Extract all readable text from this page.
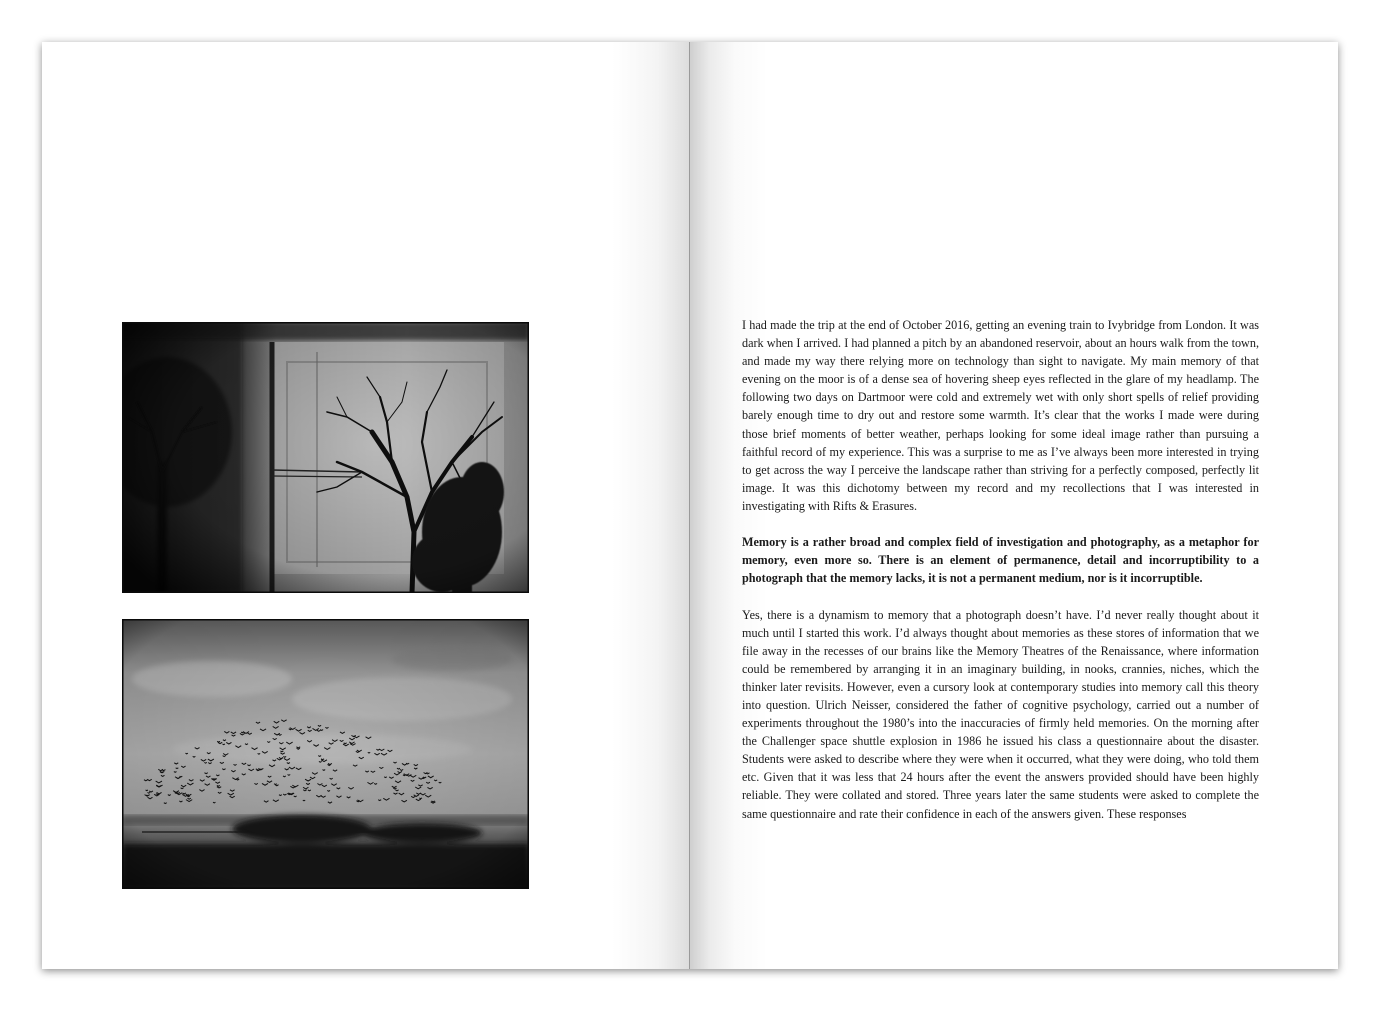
I had made the trip at the end of October 2016, getting an evening train to Ivybridge from London. It was dark when I arrived. I had planned a pitch by an abandoned reservoir, about an hours walk from the town, and made my way there relying more on technology than sight to navigate. My main memory of that evening on the moor is of a dense sea of hovering sheep eyes reflected in the glare of my headlamp. The following two days on Dartmoor were cold and extremely wet with only short spells of relief providing barely enough time to dry out and restore some warmth. It’s clear that the works I made were during those brief moments of better weather, perhaps looking for some ideal image rather than pursuing a faithful record of my experience. This was a surprise to me as I’ve always been more interested in trying to get across the way I perceive the landscape rather than striving for a perfectly composed, perfectly lit image. It was this dichotomy between my record and my recollections that I was interested in investigating with Rifts & Erasures.

Memory is a rather broad and complex field of investigation and photography, as a metaphor for memory, even more so. There is an element of permanence, detail and incorruptibility to a photograph that the memory lacks, it is not a permanent medium, nor is it incorruptible.

Yes, there is a dynamism to memory that a photograph doesn’t have. I’d never really thought about it much until I started this work. I’d always thought about memories as these stores of information that we file away in the recesses of our brains like the Memory Theatres of the Renaissance, where information could be remembered by arranging it in an imaginary building, in nooks, crannies, niches, which the thinker later revisits. However, even a cursory look at contemporary studies into memory call this theory into question. Ulrich Neisser, considered the father of cognitive psychology, carried out a number of experiments throughout the 1980’s into the inaccuracies of firmly held memories. On the morning after the Challenger space shuttle explosion in 1986 he issued his class a questionnaire about the disaster. Students were asked to describe where they were when it occurred, what they were doing, who told them etc. Given that it was less that 24 hours after the event the answers provided should have been highly reliable. They were collated and stored. Three years later the same students were asked to complete the same questionnaire and rate their confidence in each of the answers given. These responses
